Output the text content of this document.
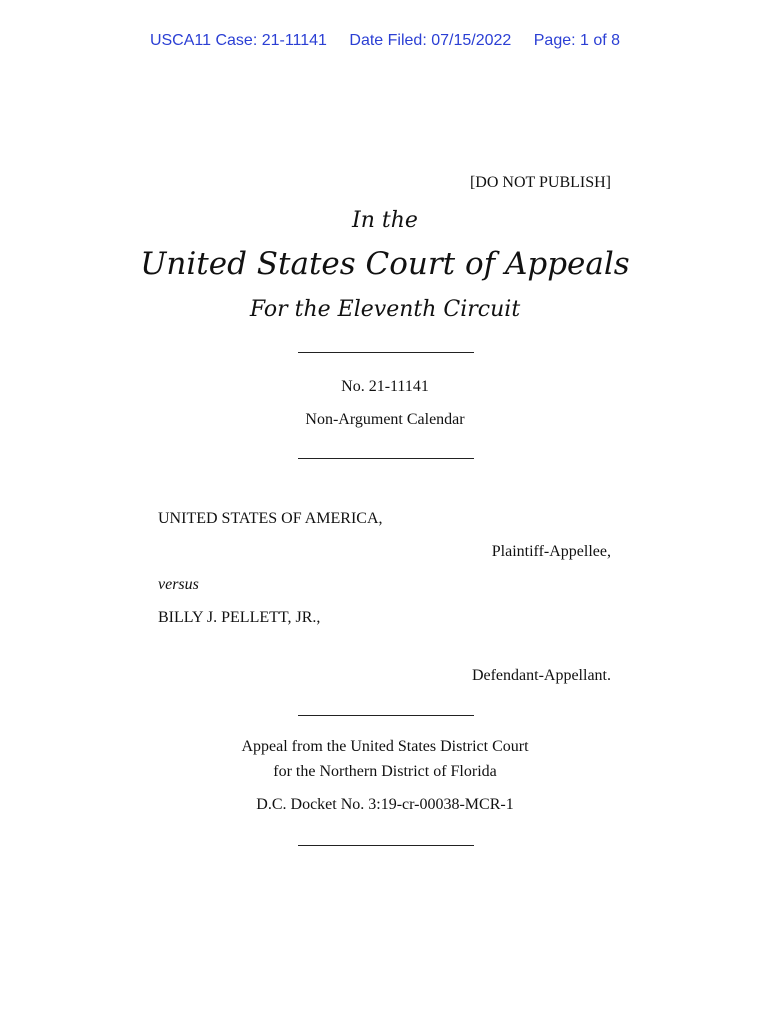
USCA11 Case: 21-11141 Date Filed: 07/15/2022 Page: 1 of 8
[DO NOT PUBLISH]
In the
United States Court of Appeals
For the Eleventh Circuit
No. 21-11141
Non-Argument Calendar
UNITED STATES OF AMERICA,
Plaintiff-Appellee,
versus
BILLY J. PELLETT, JR.,
Defendant-Appellant.
Appeal from the United States District Court
for the Northern District of Florida
D.C. Docket No. 3:19-cr-00038-MCR-1
